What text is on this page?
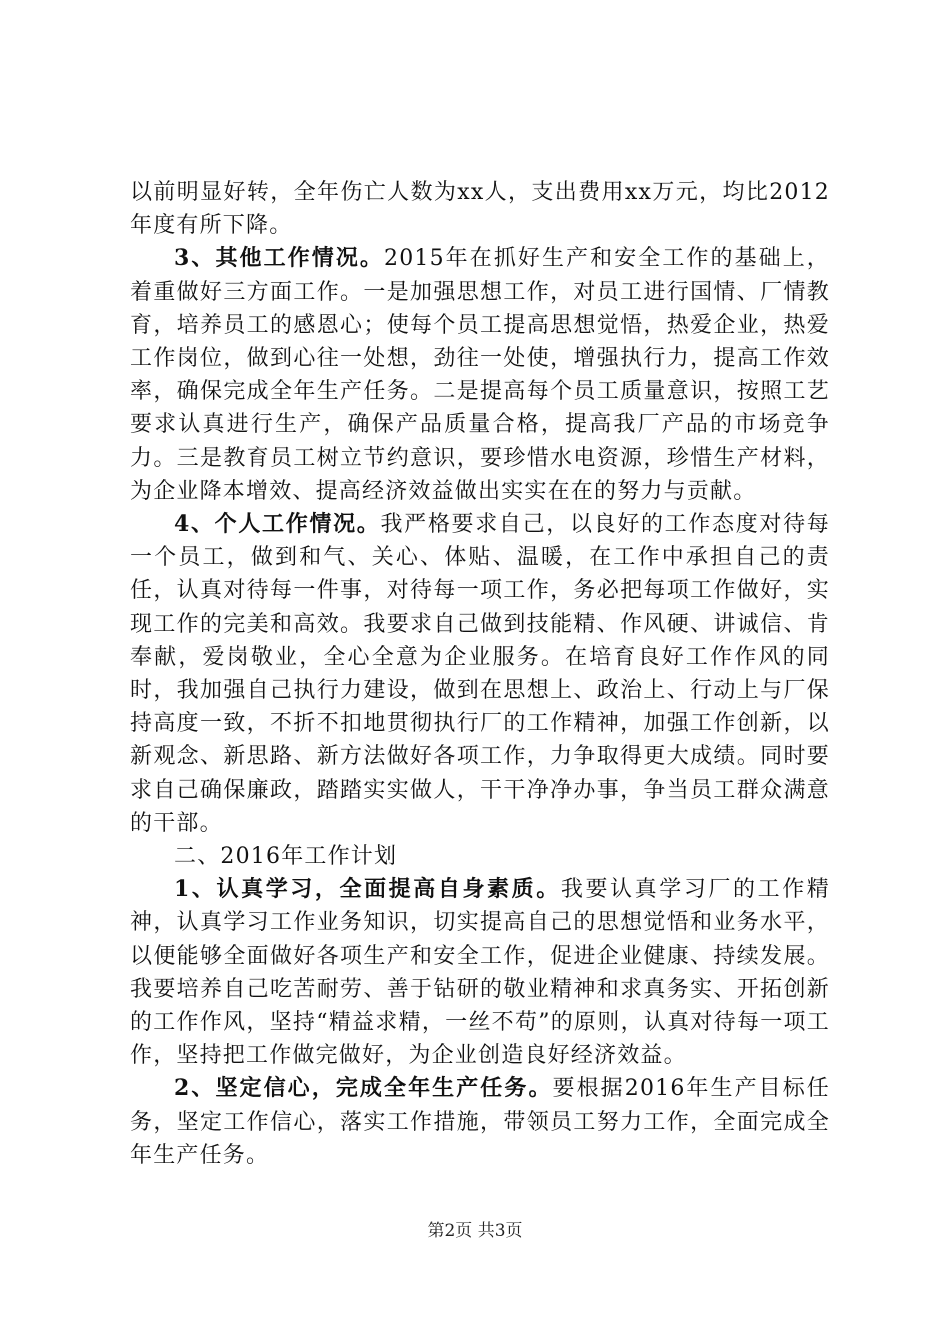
以前明显好转，全年伤亡人数为xx人，支出费用xx万元，均比2012年度有所下降。

3、其他工作情况。2015年在抓好生产和安全工作的基础上，着重做好三方面工作。一是加强思想工作，对员工进行国情、厂情教育，培养员工的感恩心；使每个员工提高思想觉悟，热爱企业，热爱工作岗位，做到心往一处想，劲往一处使，增强执行力，提高工作效率，确保完成全年生产任务。二是提高每个员工质量意识，按照工艺要求认真进行生产，确保产品质量合格，提高我厂产品的市场竞争力。三是教育员工树立节约意识，要珍惜水电资源，珍惜生产材料，为企业降本增效、提高经济效益做出实实在在的努力与贡献。

4、个人工作情况。我严格要求自己，以良好的工作态度对待每一个员工，做到和气、关心、体贴、温暖，在工作中承担自己的责任，认真对待每一件事，对待每一项工作，务必把每项工作做好，实现工作的完美和高效。我要求自己做到技能精、作风硬、讲诚信、肯奉献，爱岗敬业，全心全意为企业服务。在培育良好工作作风的同时，我加强自己执行力建设，做到在思想上、政治上、行动上与厂保持高度一致，不折不扣地贯彻执行厂的工作精神，加强工作创新，以新观念、新思路、新方法做好各项工作，力争取得更大成绩。同时要求自己确保廉政，踏踏实实做人，干干净净办事，争当员工群众满意的干部。

二、2016年工作计划

1、认真学习，全面提高自身素质。我要认真学习厂的工作精神，认真学习工作业务知识，切实提高自己的思想觉悟和业务水平，以便能够全面做好各项生产和安全工作，促进企业健康、持续发展。我要培养自己吃苦耐劳、善于钻研的敬业精神和求真务实、开拓创新的工作作风，坚持“精益求精，一丝不苟”的原则，认真对待每一项工作，坚持把工作做完做好，为企业创造良好经济效益。

2、坚定信心，完成全年生产任务。要根据2016年生产目标任务，坚定工作信心，落实工作措施，带领员工努力工作，全面完成全年生产任务。

第2页 共3页
